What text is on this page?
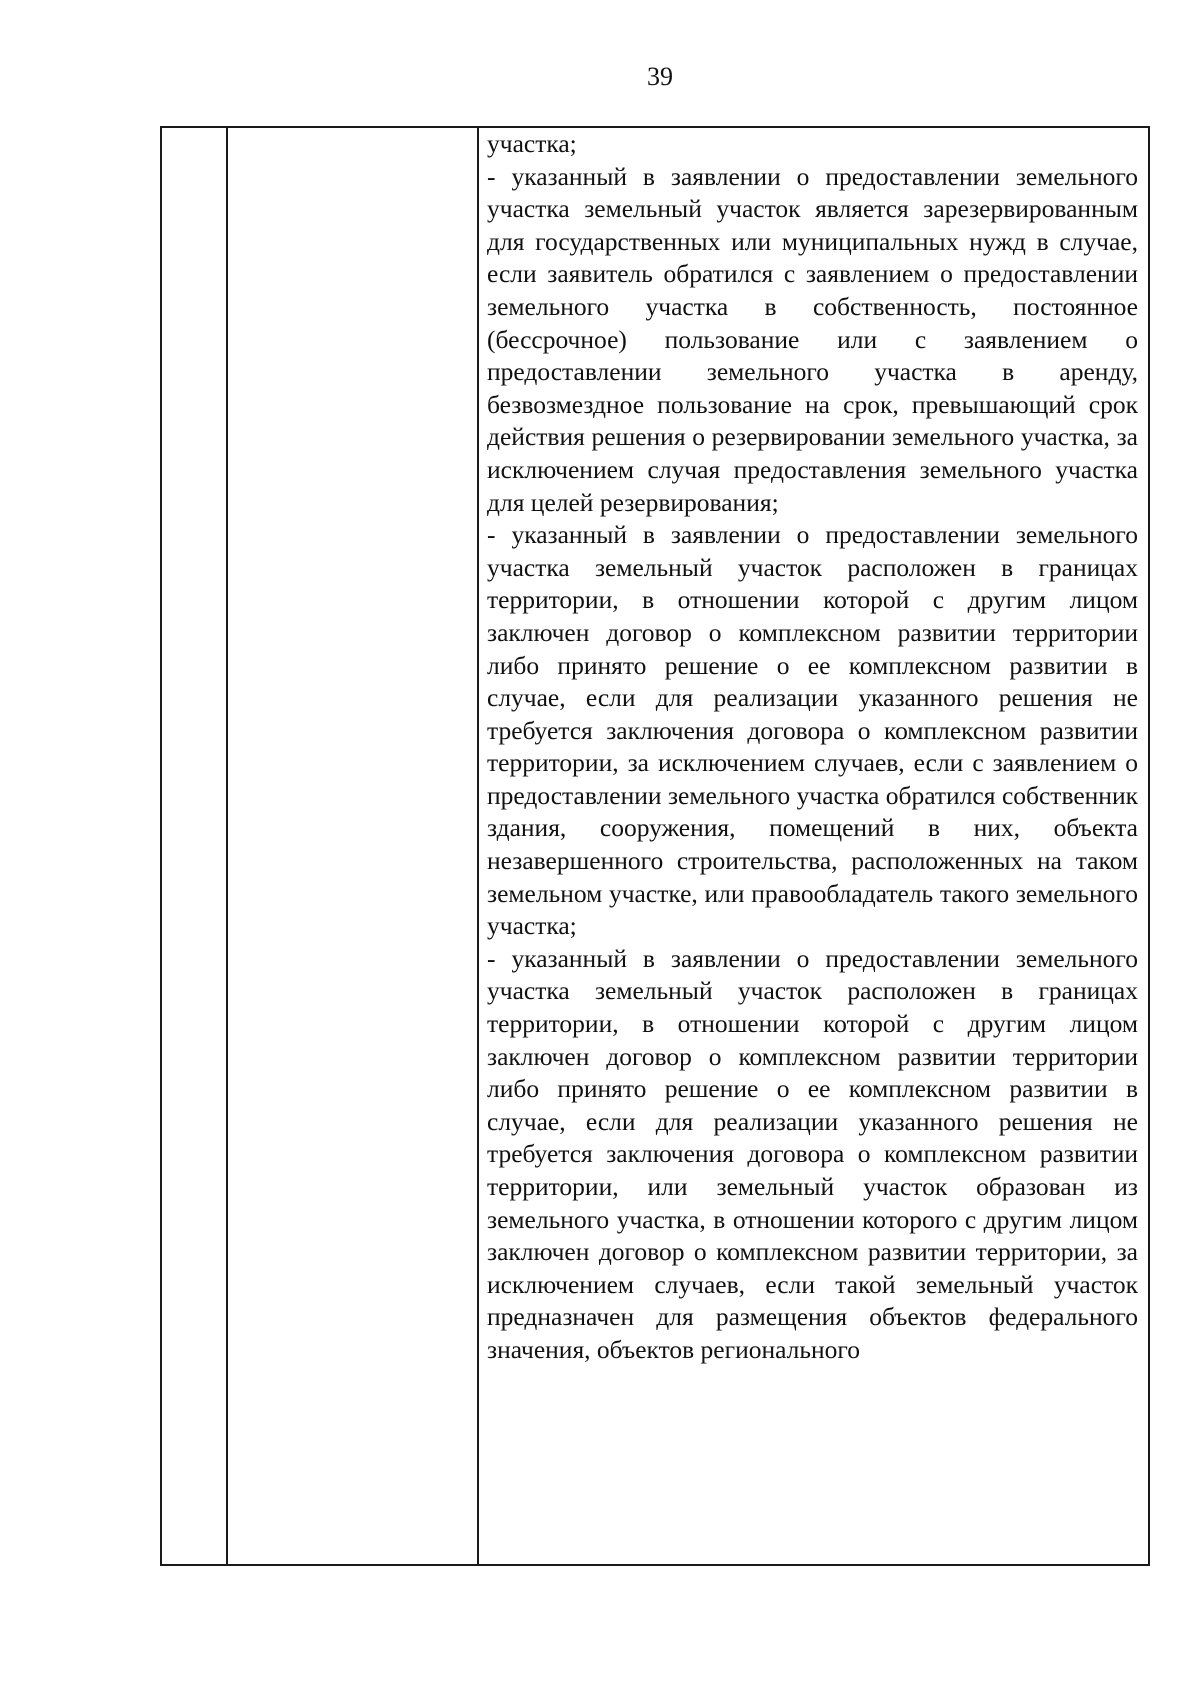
39

участка;

- указанный в заявлении о предоставлении земельного участка земельный участок является зарезервированным для государственных или муниципальных нужд в случае, если заявитель обратился с заявлением о предоставлении земельного участка в собственность, постоянное (бессрочное) пользование или с заявлением о предоставлении земельного участка в аренду, безвозмездное пользование на срок, превышающий срок действия решения о резервировании земельного участка, за исключением случая предоставления земельного участка для целей резервирования;

- указанный в заявлении о предоставлении земельного участка земельный участок расположен в границах территории, в отношении которой с другим лицом заключен договор о комплексном развитии территории либо принято решение о ее комплексном развитии в случае, если для реализации указанного решения не требуется заключения договора о комплексном развитии территории, за исключением случаев, если с заявлением о предоставлении земельного участка обратился собственник здания, сооружения, помещений в них, объекта незавершенного строительства, расположенных на таком земельном участке, или правообладатель такого земельного участка;

- указанный в заявлении о предоставлении земельного участка земельный участок расположен в границах территории, в отношении которой с другим лицом заключен договор о комплексном развитии территории либо принято решение о ее комплексном развитии в случае, если для реализации указанного решения не требуется заключения договора о комплексном развитии территории, или земельный участок образован из земельного участка, в отношении которого с другим лицом заключен договор о комплексном развитии территории, за исключением случаев, если такой земельный участок предназначен для размещения объектов федерального значения, объектов регионального
